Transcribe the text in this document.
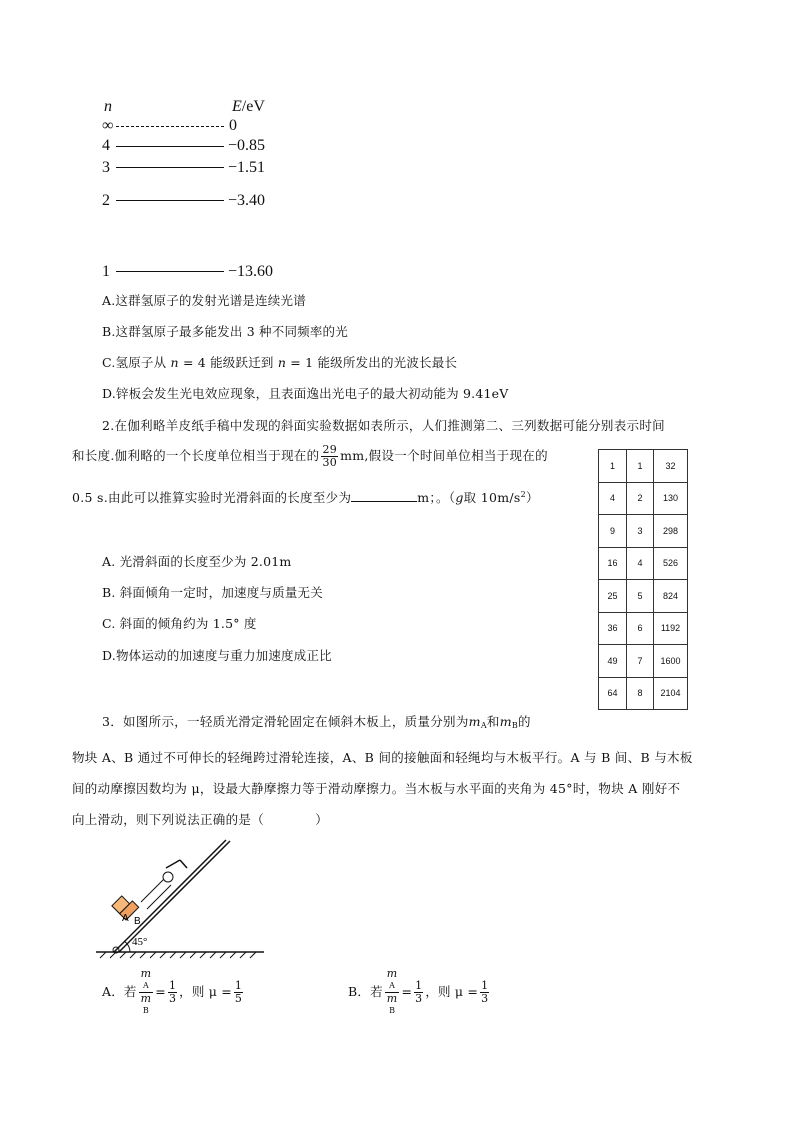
n	E/eV
∞	0
4	−0.85
3	−1.51
2	−3.40
1	−13.60
A.这群氢原子的发射光谱是连续光谱
B.这群氢原子最多能发出 3 种不同频率的光
C.氢原子从 n = 4 能级跃迁到 n = 1 能级所发出的光波长最长
D.锌板会发生光电效应现象，且表面逸出光电子的最大初动能为 9.41eV
2.在伽利略羊皮纸手稿中发现的斜面实验数据如表所示，人们推测第二、三列数据可能分别表示时间
和长度.伽利略的一个长度单位相当于现在的 $\frac{29}{30}$ mm,假设一个时间单位相当于现在的
0.5 s.由此可以推算实验时光滑斜面的长度至少为	m；。（g取 $10m/s^2$）
A. 光滑斜面的长度至少为 2.01m
B. 斜面倾角一定时，加速度与质量无关
C. 斜面的倾角约为 1.5° 度
D.物体运动的加速度与重力加速度成正比
1	1	32
4	2	130
9	3	298
16	4	526
25	5	824
36	6	1192
49	7	1600
64	8	2104
3．如图所示，一轻质光滑定滑轮固定在倾斜木板上，质量分别为$m_A$和$m_B$的
物块 A、B 通过不可伸长的轻绳跨过滑轮连接，A、B 间的接触面和轻绳均与木板平行。A 与 B 间、B 与木板
间的动摩擦因数均为 μ，设最大静摩擦力等于滑动摩擦力。当木板与水平面的夹角为 45°时，物块 A 刚好不
向上滑动，则下列说法正确的是（　　　　）
45°
A B
A．若 m
A
m
$B = \frac{1}{3}$ ，则 $\mu = \frac{1}{5}$	B．若 m
A
m
$B = \frac{1}{3}$ ，则 $\mu = \frac{1}{3}$
